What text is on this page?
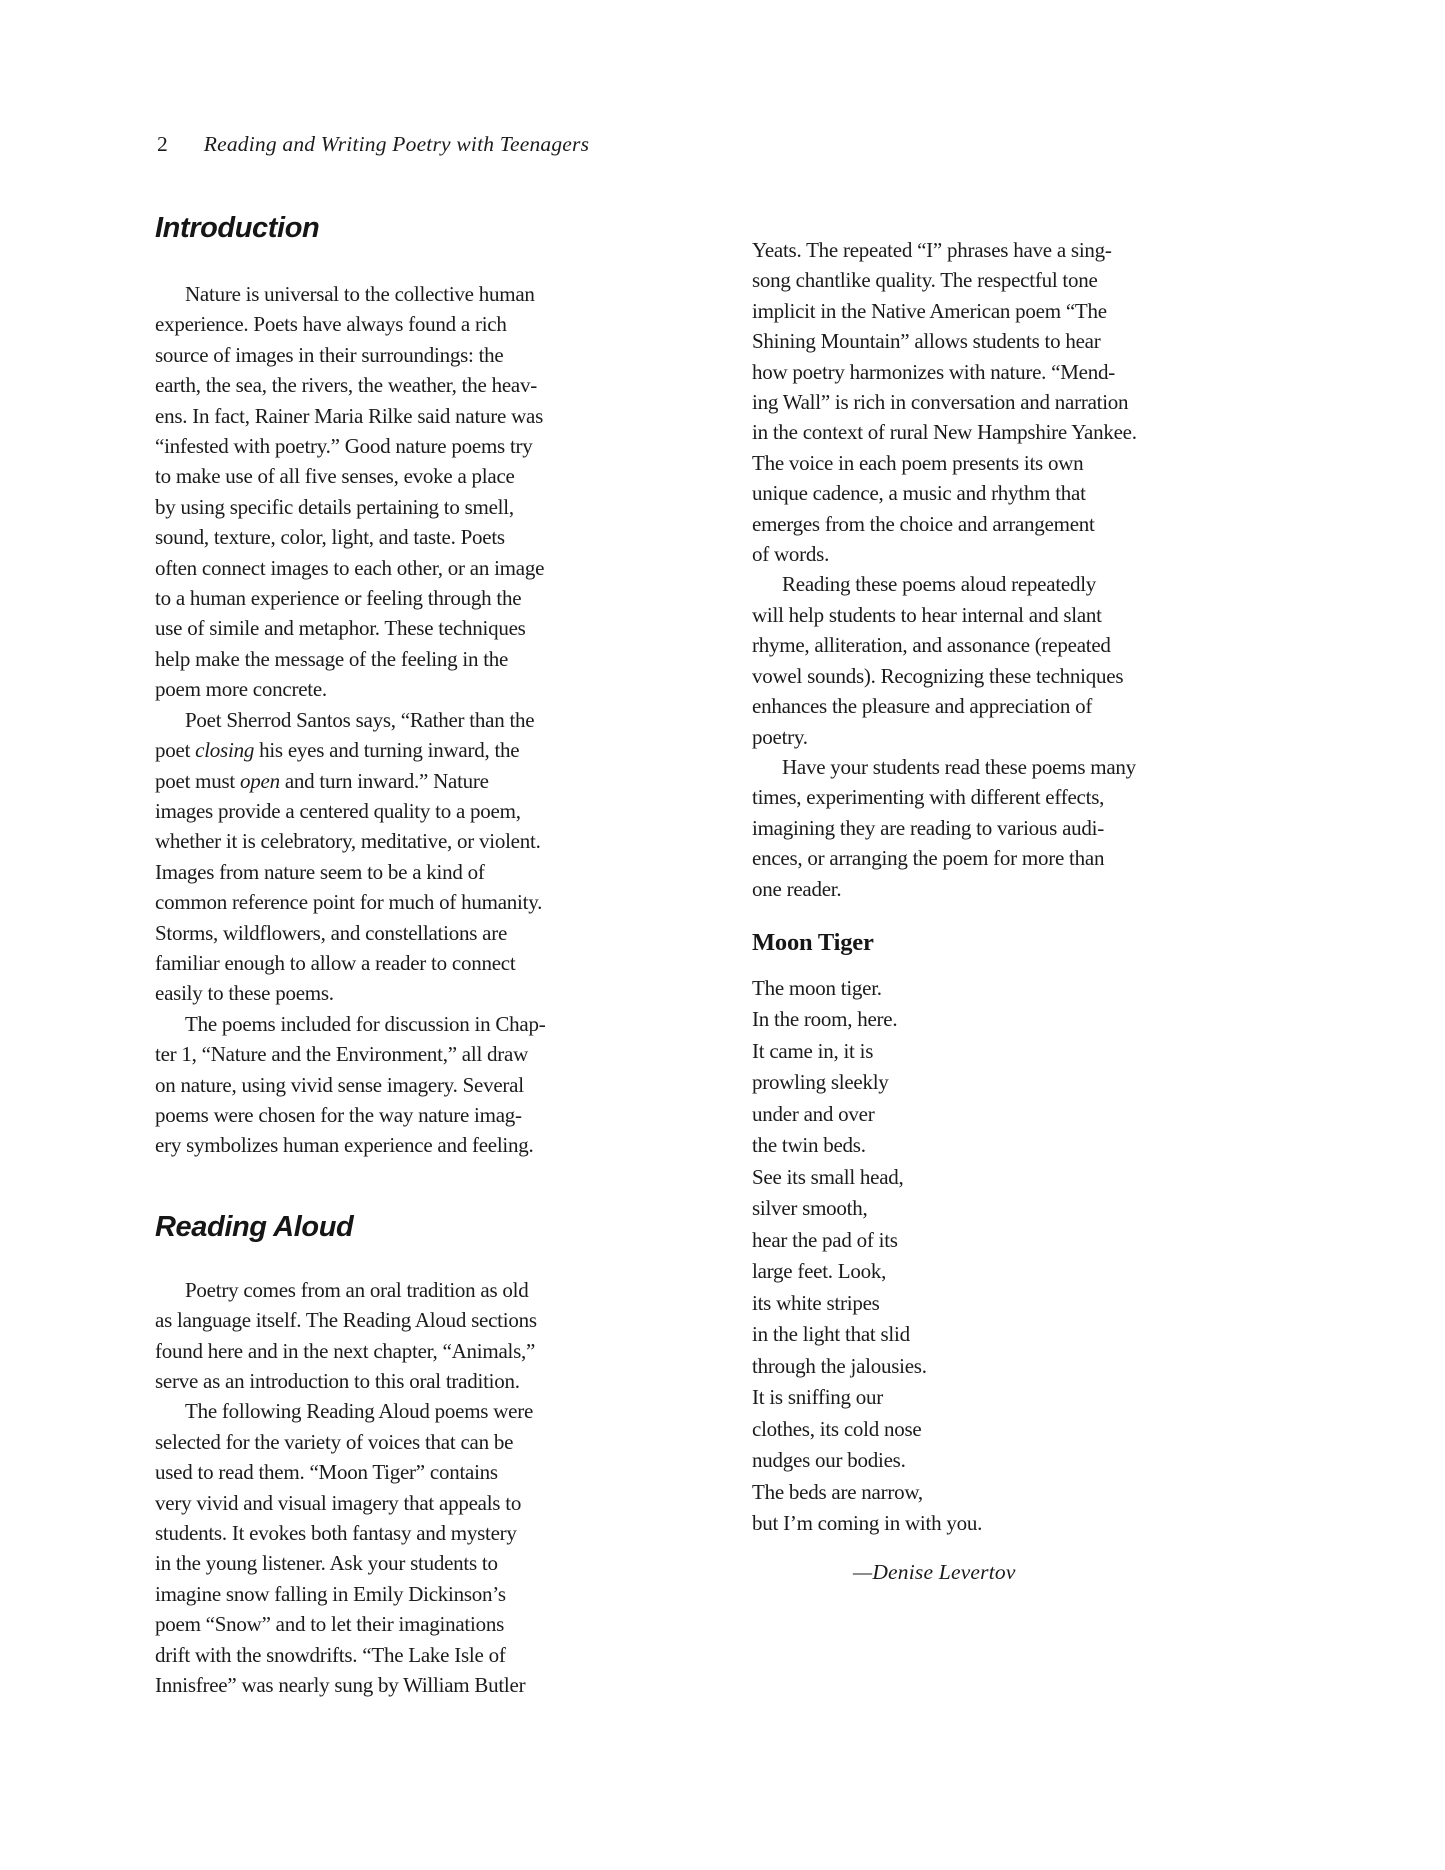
2 Reading and Writing Poetry with Teenagers
Introduction

Nature is universal to the collective human
experience. Poets have always found a rich
source of images in their surroundings: the
earth, the sea, the rivers, the weather, the heav-
ens. In fact, Rainer Maria Rilke said nature was
“infested with poetry.” Good nature poems try
to make use of all five senses, evoke a place
by using specific details pertaining to smell,
sound, texture, color, light, and taste. Poets
often connect images to each other, or an image
to a human experience or feeling through the
use of simile and metaphor. These techniques
help make the message of the feeling in the
poem more concrete.

Poet Sherrod Santos says, “Rather than the
poet closing his eyes and turning inward, the
poet must open and turn inward.” Nature
images provide a centered quality to a poem,
whether it is celebratory, meditative, or violent.
Images from nature seem to be a kind of
common reference point for much of humanity.
Storms, wildflowers, and constellations are
familiar enough to allow a reader to connect
easily to these poems.

The poems included for discussion in Chap-
ter 1, “Nature and the Environment,” all draw
on nature, using vivid sense imagery. Several
poems were chosen for the way nature imag-
ery symbolizes human experience and feeling.

Reading Aloud

Poetry comes from an oral tradition as old
as language itself. The Reading Aloud sections
found here and in the next chapter, “Animals,”
serve as an introduction to this oral tradition.

The following Reading Aloud poems were
selected for the variety of voices that can be
used to read them. “Moon Tiger” contains
very vivid and visual imagery that appeals to
students. It evokes both fantasy and mystery
in the young listener. Ask your students to
imagine snow falling in Emily Dickinson’s
poem “Snow” and to let their imaginations
drift with the snowdrifts. “The Lake Isle of
Innisfree” was nearly sung by William Butler

Yeats. The repeated “I” phrases have a sing-
song chantlike quality. The respectful tone
implicit in the Native American poem “The
Shining Mountain” allows students to hear
how poetry harmonizes with nature. “Mend-
ing Wall” is rich in conversation and narration
in the context of rural New Hampshire Yankee.
The voice in each poem presents its own
unique cadence, a music and rhythm that
emerges from the choice and arrangement
of words.

Reading these poems aloud repeatedly
will help students to hear internal and slant
rhyme, alliteration, and assonance (repeated
vowel sounds). Recognizing these techniques
enhances the pleasure and appreciation of
poetry.

Have your students read these poems many
times, experimenting with different effects,
imagining they are reading to various audi-
ences, or arranging the poem for more than
one reader.

Moon Tiger
The moon tiger.
In the room, here.
It came in, it is
prowling sleekly
under and over
the twin beds.
See its small head,
silver smooth,
hear the pad of its
large feet. Look,
its white stripes
in the light that slid
through the jalousies.
It is sniffing our
clothes, its cold nose
nudges our bodies.
The beds are narrow,
but I’m coming in with you.
—Denise Levertov
